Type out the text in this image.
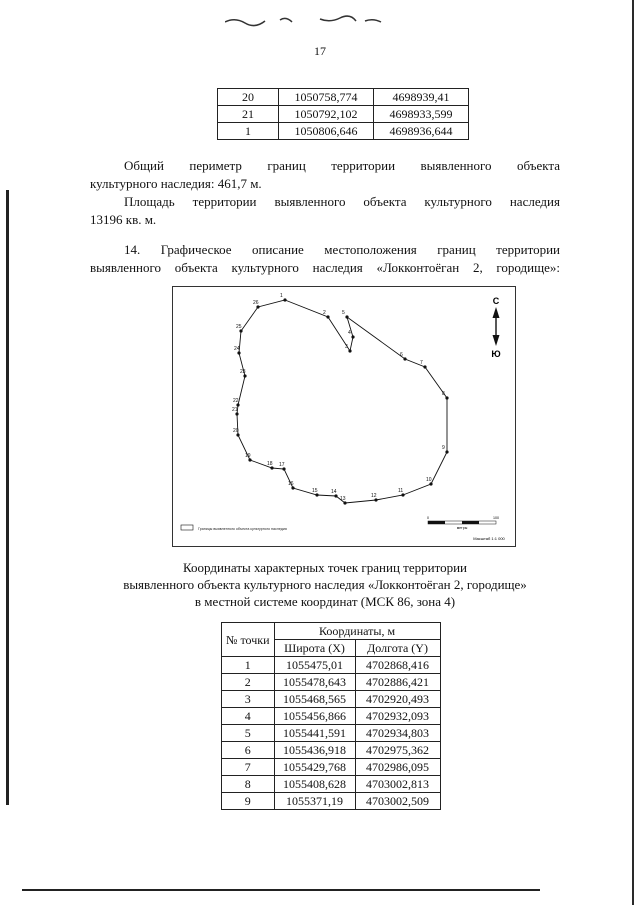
17
20	1050758,774	4698939,41
21	1050792,102	4698933,599
1	1050806,646	4698936,644
Общий периметр границ территории выявленного объекта
культурного наследия: 461,7 м.
Площадь территории выявленного объекта культурного наследия
13196 кв. м.
14. Графическое описание местоположения границ территории
выявленного объекта культурного наследия «Локконтоёган 2, городище»:
1
2
3
4
5
6
7
8
9
10
11
12
13
14
15
16
17
18
19
20
21
22
23
24
25
26	С
Ю
Границы выявленного объекта культурного наследия
0	100
метры
Масштаб 1:1 000
Координаты характерных точек границ территории
выявленного объекта культурного наследия «Локконтоёган 2, городище»
в местной системе координат (МСК 86, зона 4)
№ точки	Координаты, м	
	Широта (X)	Долгота (Y)
1	1055475,01	4702868,416
2	1055478,643	4702886,421
3	1055468,565	4702920,493
4	1055456,866	4702932,093
5	1055441,591	4702934,803
6	1055436,918	4702975,362
7	1055429,768	4702986,095
8	1055408,628	4703002,813
9	1055371,19	4703002,509
